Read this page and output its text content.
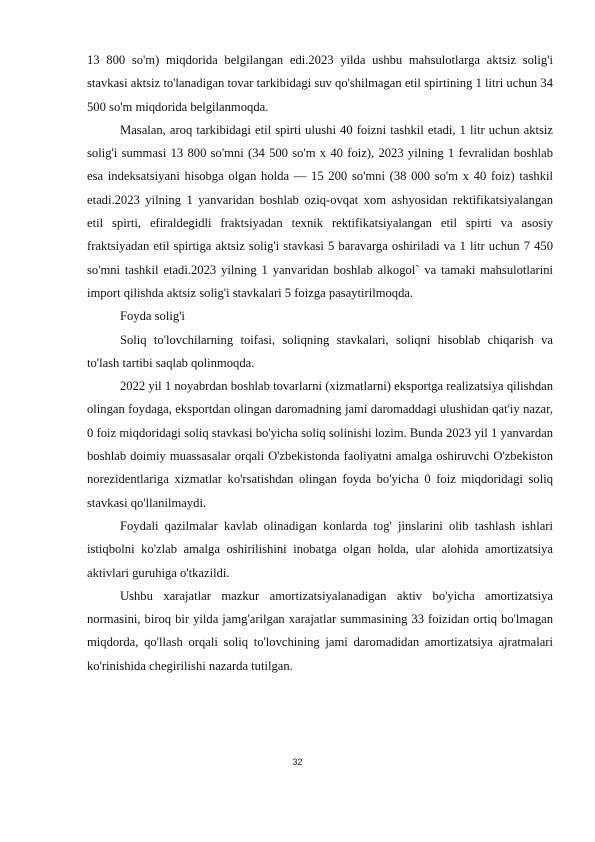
13 800 so'm) miqdorida belgilangan edi.2023 yilda ushbu mahsulotlarga aktsiz solig'i stavkasi aktsiz to'lanadigan tovar tarkibidagi suv qo'shilmagan etil spirtining 1 litri uchun 34 500 so'm miqdorida belgilanmoqda.

Masalan, aroq tarkibidagi etil spirti ulushi 40 foizni tashkil etadi, 1 litr uchun aktsiz solig'i summasi 13 800 so'mni (34 500 so'm x 40 foiz), 2023 yilning 1 fevralidan boshlab esa indeksatsiyani hisobga olgan holda — 15 200 so'mni (38 000 so'm x 40 foiz) tashkil etadi.2023 yilning 1 yanvaridan boshlab oziq-ovqat xom ashyosidan rektifikatsiyalangan etil spirti, efiraldegidli fraktsiyadan texnik rektifikatsiyalangan etil spirti va asosiy fraktsiyadan etil spirtiga aktsiz solig'i stavkasi 5 baravarga oshiriladi va 1 litr uchun 7 450 so'mni tashkil etadi.2023 yilning 1 yanvaridan boshlab alkogol` va tamaki mahsulotlarini import qilishda aktsiz solig'i stavkalari 5 foizga pasaytirilmoqda.

Foyda solig'i

Soliq to'lovchilarning toifasi, soliqning stavkalari, soliqni hisoblab chiqarish va to'lash tartibi saqlab qolinmoqda.

2022 yil 1 noyabrdan boshlab tovarlarni (xizmatlarni) eksportga realizatsiya qilishdan olingan foydaga, eksportdan olingan daromadning jami daromaddagi ulushidan qat'iy nazar, 0 foiz miqdoridagi soliq stavkasi bo'yicha soliq solinishi lozim. Bunda 2023 yil 1 yanvardan boshlab doimiy muassasalar orqali O'zbekistonda faoliyatni amalga oshiruvchi O'zbekiston norezidentlariga xizmatlar ko'rsatishdan olingan foyda bo'yicha 0 foiz miqdoridagi soliq stavkasi qo'llanilmaydi.

Foydali qazilmalar kavlab olinadigan konlarda tog' jinslarini olib tashlash ishlari istiqbolni ko'zlab amalga oshirilishini inobatga olgan holda, ular alohida amortizatsiya aktivlari guruhiga o'tkazildi.

Ushbu xarajatlar mazkur amortizatsiyalanadigan aktiv bo'yicha amortizatsiya normasini, biroq bir yilda jamg'arilgan xarajatlar summasining 33 foizidan ortiq bo'lmagan miqdorda, qo'llash orqali soliq to'lovchining jami daromadidan amortizatsiya ajratmalari ko'rinishida chegirilishi nazarda tutilgan.

32
